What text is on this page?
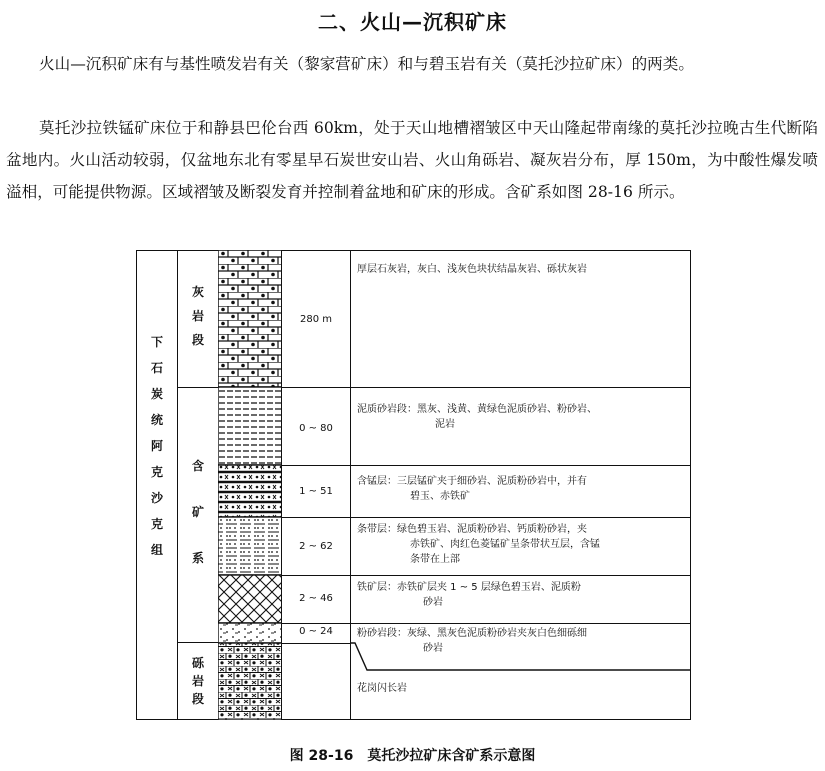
二、火山—沉积矿床

火山—沉积矿床有与基性喷发岩有关（黎家营矿床）和与碧玉岩有关（莫托沙拉矿床）的两类。

莫托沙拉铁锰矿床位于和静县巴伦台西 60km，处于天山地槽褶皱区中天山隆起带南缘的莫托沙拉晚古生代断陷盆地内。火山活动较弱，仅盆地东北有零星早石炭世安山岩、火山角砾岩、凝灰岩分布，厚 150m，为中酸性爆发喷溢相，可能提供物源。区域褶皱及断裂发育并控制着盆地和矿床的形成。含矿系如图 28-16 所示。

下
石
炭
统
阿
克
沙
克
组
灰
岩
段
含
矿
系
砾
岩
段
280 m
0 ~ 80
1 ~ 51
2 ~ 62
2 ~ 46
0 ~ 24
厚层石灰岩，灰白、浅灰色块状结晶灰岩、砾状灰岩
泥质砂岩段：黑灰、浅黄、黄绿色泥质砂岩、粉砂岩、
泥岩
含锰层：三层锰矿夹于细砂岩、泥质粉砂岩中，并有
碧玉、赤铁矿
条带层：绿色碧玉岩、泥质粉砂岩、钙质粉砂岩，夹
赤铁矿、肉红色菱锰矿呈条带状互层，含锰
条带在上部
铁矿层：赤铁矿层夹 1 ~ 5 层绿色碧玉岩、泥质粉
砂岩
粉砂岩段：灰绿、黑灰色泥质粉砂岩夹灰白色细砾细
砂岩
花岗闪长岩
图 28-16 莫托沙拉矿床含矿系示意图
